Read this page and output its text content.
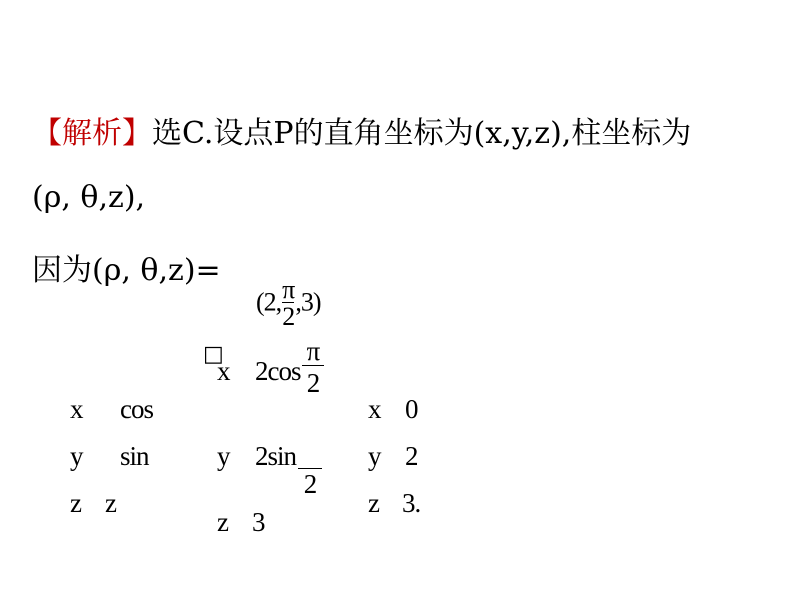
【解析】选C.设点P的直角坐标为(x,y,z),柱坐标为
(ρ, θ,z),
因为(ρ, θ,z)=
(2, $\frac{\pi}{2} ,3$)
□
x cos
y sin
z z
x 2cos
π
2
y 2sin
2
z 3
x 0
y 2
z 3.
